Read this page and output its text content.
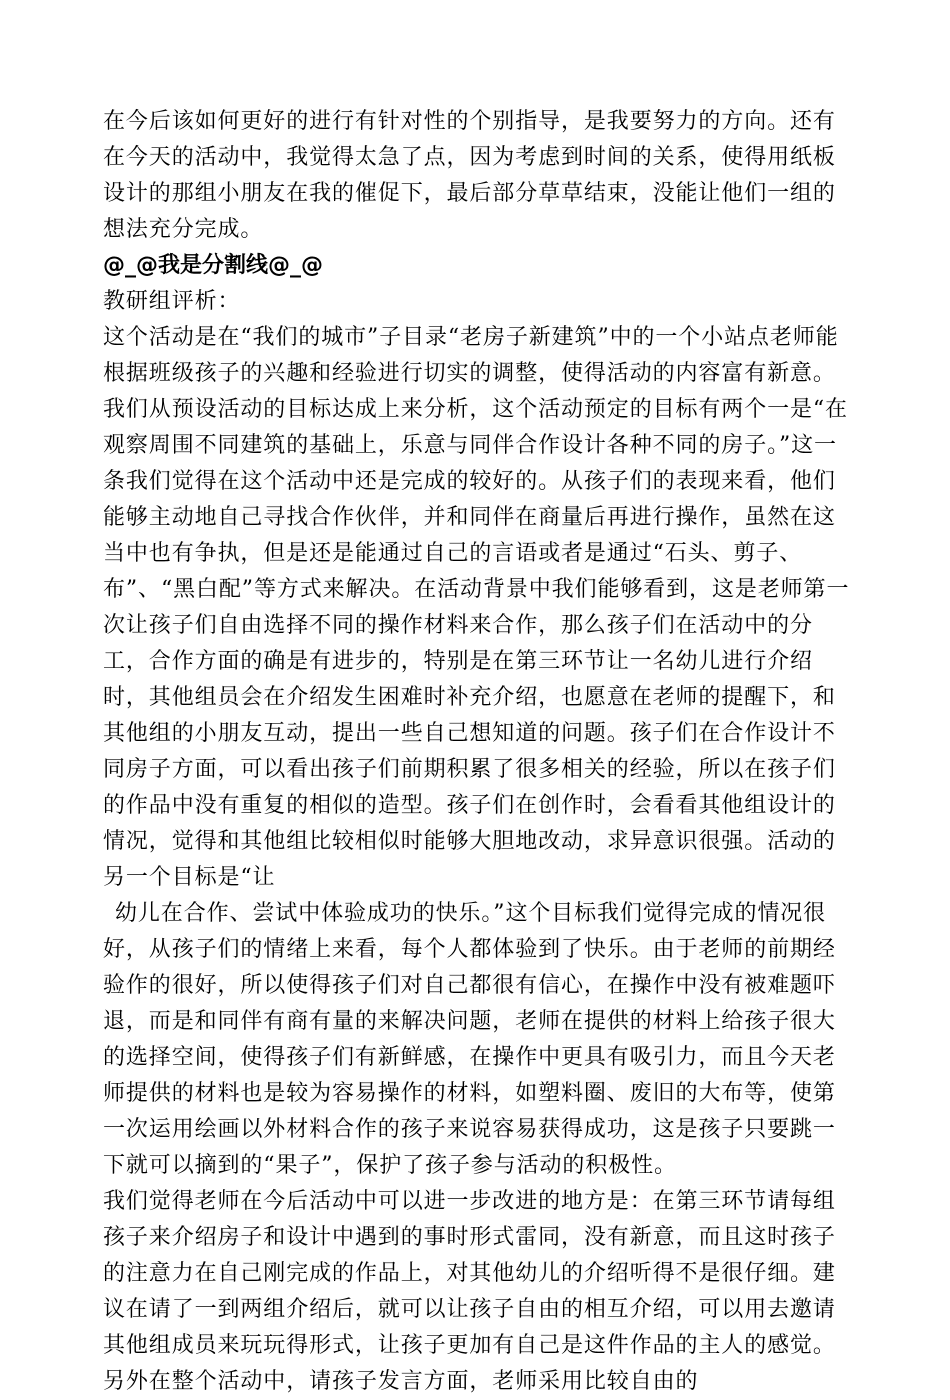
在今后该如何更好的进行有针对性的个别指导，是我要努力的方向。还有在今天的活动中，我觉得太急了点，因为考虑到时间的关系，使得用纸板设计的那组小朋友在我的催促下，最后部分草草结束，没能让他们一组的想法充分完成。

@_@我是分割线@_@

教研组评析：

这个活动是在“我们的城市”子目录“老房子新建筑”中的一个小站点老师能根据班级孩子的兴趣和经验进行切实的调整，使得活动的内容富有新意。我们从预设活动的目标达成上来分析，这个活动预定的目标有两个一是“在观察周围不同建筑的基础上，乐意与同伴合作设计各种不同的房子。”这一条我们觉得在这个活动中还是完成的较好的。从孩子们的表现来看，他们能够主动地自己寻找合作伙伴，并和同伴在商量后再进行操作，虽然在这当中也有争执，但是还是能通过自己的言语或者是通过“石头、剪子、布”、“黑白配”等方式来解决。在活动背景中我们能够看到，这是老师第一次让孩子们自由选择不同的操作材料来合作，那么孩子们在活动中的分工，合作方面的确是有进步的，特别是在第三环节让一名幼儿进行介绍时，其他组员会在介绍发生困难时补充介绍，也愿意在老师的提醒下，和其他组的小朋友互动，提出一些自己想知道的问题。孩子们在合作设计不同房子方面，可以看出孩子们前期积累了很多相关的经验，所以在孩子们的作品中没有重复的相似的造型。孩子们在创作时，会看看其他组设计的情况，觉得和其他组比较相似时能够大胆地改动，求异意识很强。活动的另一个目标是“让

幼儿在合作、尝试中体验成功的快乐。”这个目标我们觉得完成的情况很好，从孩子们的情绪上来看，每个人都体验到了快乐。由于老师的前期经验作的很好，所以使得孩子们对自己都很有信心，在操作中没有被难题吓退，而是和同伴有商有量的来解决问题，老师在提供的材料上给孩子很大的选择空间，使得孩子们有新鲜感，在操作中更具有吸引力，而且今天老师提供的材料也是较为容易操作的材料，如塑料圈、废旧的大布等，使第一次运用绘画以外材料合作的孩子来说容易获得成功，这是孩子只要跳一下就可以摘到的“果子”，保护了孩子参与活动的积极性。

我们觉得老师在今后活动中可以进一步改进的地方是：在第三环节请每组孩子来介绍房子和设计中遇到的事时形式雷同，没有新意，而且这时孩子的注意力在自己刚完成的作品上，对其他幼儿的介绍听得不是很仔细。建议在请了一到两组介绍后，就可以让孩子自由的相互介绍，可以用去邀请其他组成员来玩玩得形式，让孩子更加有自己是这件作品的主人的感觉。另外在整个活动中，请孩子发言方面，老师采用比较自由的
